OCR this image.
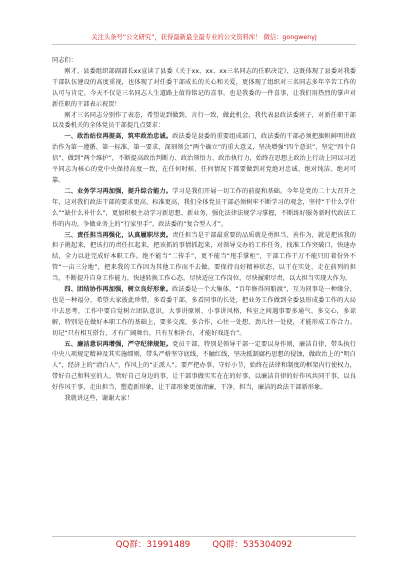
关注头条号“公文研究”，获得最新最全最专业的公文资料库！ 微信：gongwenyj

同志们：

刚才，县委组织部副部长xx宣读了县委《关于xx、xx、xx三名同志的任职决定》，这既体现了县委对我委干部队伍建设的高度重视，也体现了对任委干部成长的关心和关爱，更体现了组织对三名同志多年辛苦工作的认可与肯定。今天不仅是三名同志人生道路上值得铭记的喜事，也是我委的一件喜事，让我们用热烈的掌声对新任职的干部表示祝贺！

刚才三名同志分别作了表态，希望说到做到，言行一致，做此机会，我代表县政法委班子，对新任职干部以及委机关的全体党员干部提几点要求：

一、政治站位再提高，筑牢政治忠诚。政法委是县委的重要组成部门，政法委的干部必须把旗帜鲜明讲政治作为第一遵循、第一标准、第一要求，深刻领会“两个确立”的重大意义，坚决增强“四个意识”、坚定“四个自信”、做到“两个维护”，不断提高政治判断力、政治领悟力、政治执行力，始终在思想上政治上行动上同以习近平同志为核心的党中央保持高度一致，在任何时候、任何情况下都要做到对党绝对忠诚、绝对纯洁、绝对可靠。

二、业务学习再加强，提升综合能力。学习是我们开展一切工作的前提和基础。今年是党的二十大召开之年，这对我们政法干部的要求更高、标准更高，我们全体党员干部必须树牢不断学习的观念，坚持“干什么学什么”“缺什么补什么”，更加积极主动学习新思想、新业务，强化法律法规学习掌握，不断练好服务新时代政法工作的内功，争做业务上的“行家里手”，政法委的“复合型人才”。

三、责任担当再强化，认真履职尽责。责任担当是干部最重要的品质就是勇担当、善作为，就是把该我的担子挑起来，把该打的责任扛起来，把该抓的事情抓起来，对领导交办的工作任务，找准工作突破口，快速办结，全力以赴完成好本职工作。绝不能当“二传手”，更不能当“甩手掌柜”，干部工作干万不能只盯着份外不管“一亩三分地”，把来我的工作因为其他工作而不去做。要保持良好精神状态，以干在实处、走在前列的担当，不断提升自身工作能力，快速转换工作心态，尽快适应工作岗位，尽快履职尽责，以大担当实现大作为。

四、团结协作再加强，树立良好形象。政法委是一个大集体，“百年修得同船渡”，互为同事是一种缘分，也是一种福分，希望大家彼此珍惜，多看委干部，多看同事的长处，把业务工作做到全委县形成委工作的大局中去思考，工作中要自觉树立团队意识，大事讲原则、小事讲风格，科室之间遇事要多通气、多交心，多谅解，特别是在做好本职工作的基础上，要多交流，多合作，心往一处想、劲儿往一处使，才能形成工作合力。切记“只有相互搭台，才有广阔舞台，只有互相补台，才能好戏连台”。

五、廉洁意识再增强，严守纪律规矩。党员干部，特别是领导干部一定要以身作则，廉洁自律，带头执行中央八项规定精神及其实施细则，带头严格坚守底线，不触红线，坚决抵制腐朽思想的侵蚀，做政治上的“明白人”，经济上的“清白人”，作风上的“正派人”。要严把办事，守好小节，始终在法律和制度的框架内行使权力，带好自己和科室的人，管好自己身边的事，让干部事做实实在在的好事，以廉洁自律的好作风共同干事，以良好作风干事，走出担当，塑造新形象，让干部形象更加清廉，干净，担当，廉洁的政法干部新形象。

我就讲这些，谢谢大家！

QQ群：31991489	QQ群：535304092
